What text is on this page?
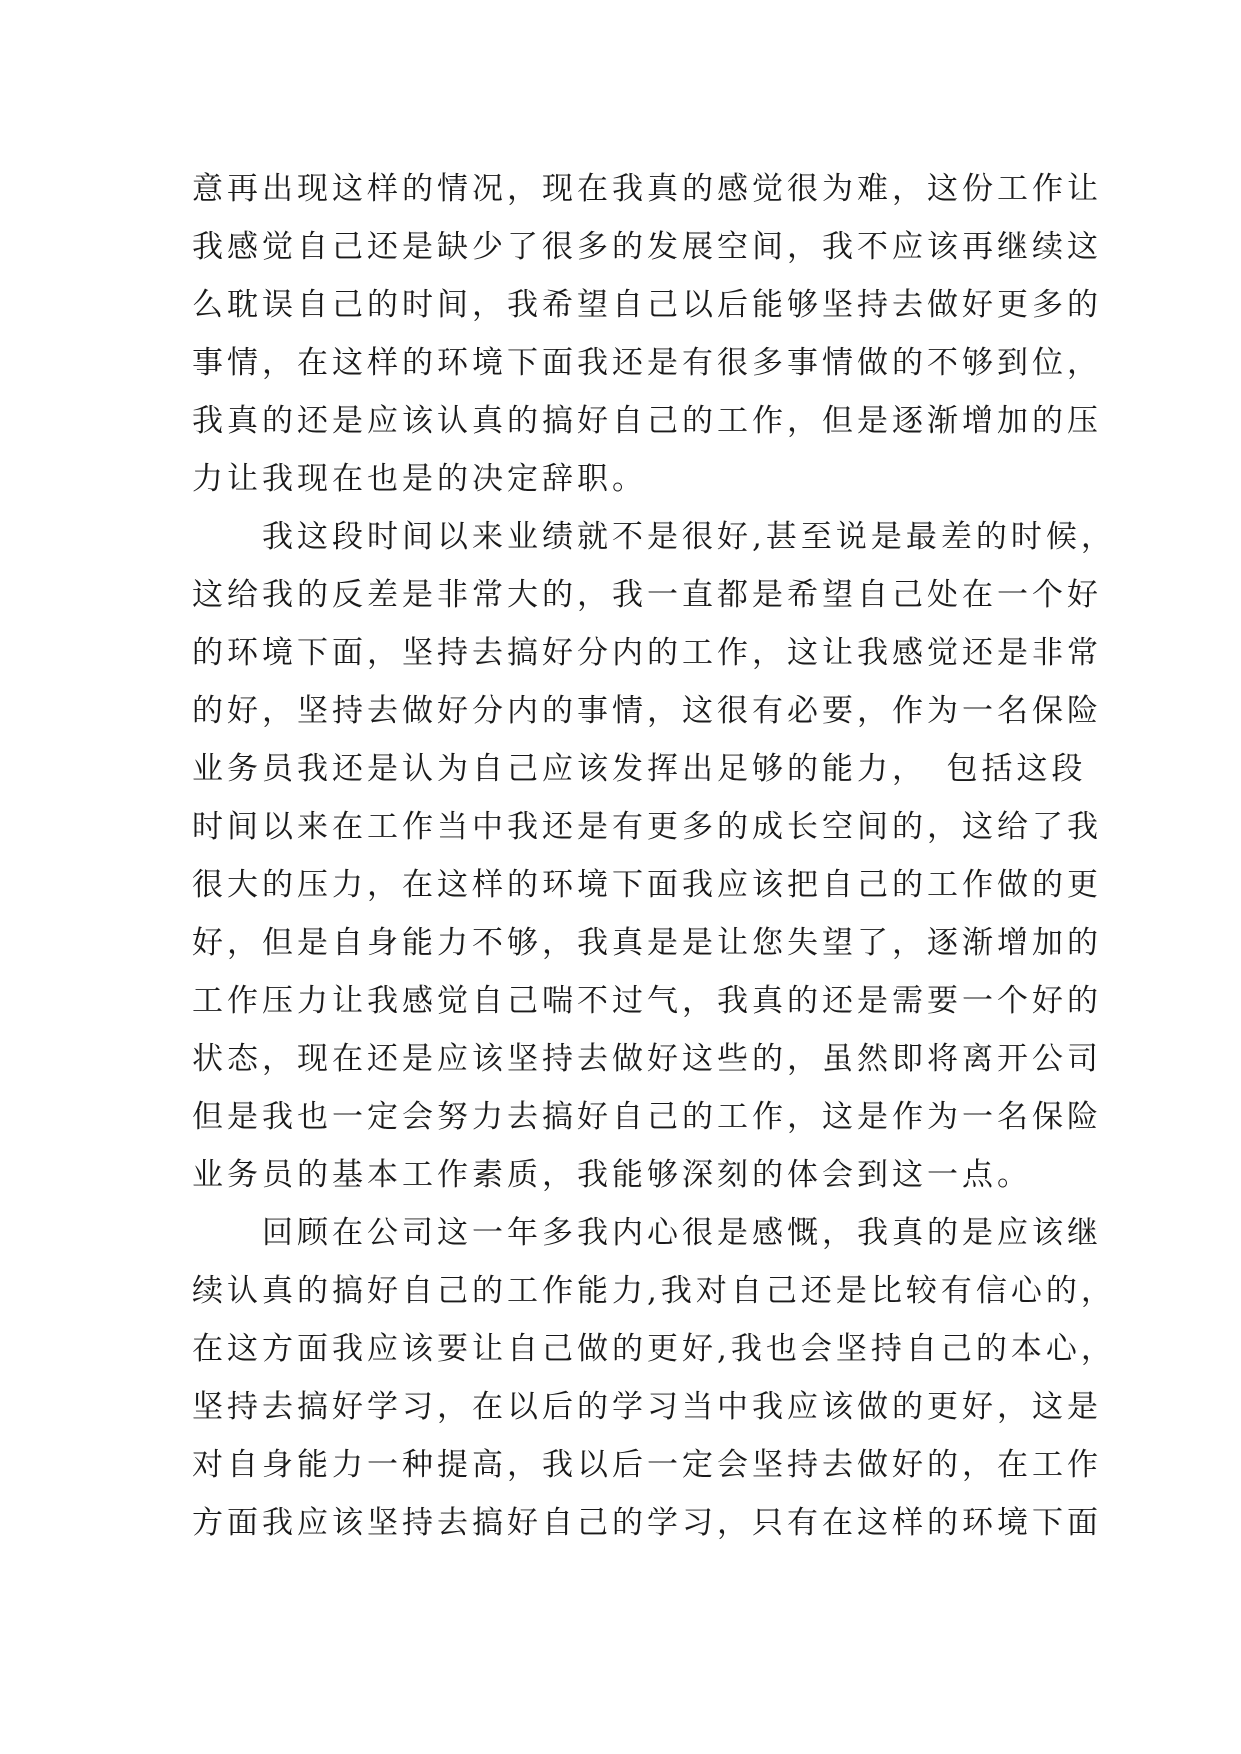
意再出现这样的情况，现在我真的感觉很为难，这份工作让
我感觉自己还是缺少了很多的发展空间，我不应该再继续这
么耽误自己的时间，我希望自己以后能够坚持去做好更多的
事情，在这样的环境下面我还是有很多事情做的不够到位，
我真的还是应该认真的搞好自己的工作，但是逐渐增加的压
力让我现在也是的决定辞职。
　　我这段时间以来业绩就不是很好,甚至说是最差的时候，
这给我的反差是非常大的，我一直都是希望自己处在一个好
的环境下面，坚持去搞好分内的工作，这让我感觉还是非常
的好，坚持去做好分内的事情，这很有必要，作为一名保险
业务员我还是认为自己应该发挥出足够的能力，　包括这段
时间以来在工作当中我还是有更多的成长空间的，这给了我
很大的压力，在这样的环境下面我应该把自己的工作做的更
好，但是自身能力不够，我真是是让您失望了，逐渐增加的
工作压力让我感觉自己喘不过气，我真的还是需要一个好的
状态，现在还是应该坚持去做好这些的，虽然即将离开公司
但是我也一定会努力去搞好自己的工作，这是作为一名保险
业务员的基本工作素质，我能够深刻的体会到这一点。
　　回顾在公司这一年多我内心很是感慨，我真的是应该继
续认真的搞好自己的工作能力,我对自己还是比较有信心的，
在这方面我应该要让自己做的更好,我也会坚持自己的本心，
坚持去搞好学习，在以后的学习当中我应该做的更好，这是
对自身能力一种提高，我以后一定会坚持去做好的，在工作
方面我应该坚持去搞好自己的学习，只有在这样的环境下面
